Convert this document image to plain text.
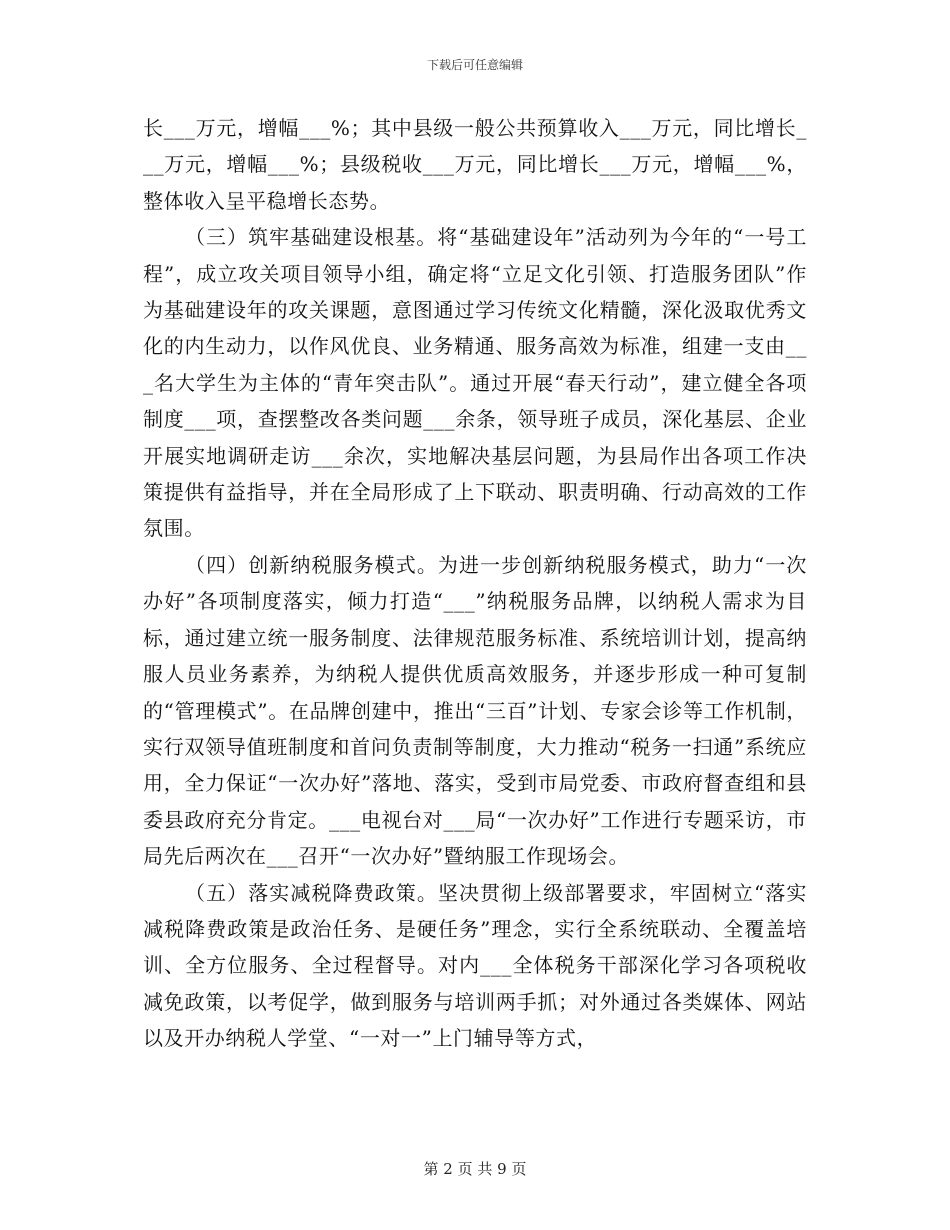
下载后可任意编辑

长___万元，增幅___%；其中县级一般公共预算收入___万元，同比增长___万元，增幅___%；县级税收___万元，同比增长___万元，增幅___%，整体收入呈平稳增长态势。

（三）筑牢基础建设根基。将“基础建设年”活动列为今年的“一号工程”，成立攻关项目领导小组，确定将“立足文化引领、打造服务团队”作为基础建设年的攻关课题，意图通过学习传统文化精髓，深化汲取优秀文化的内生动力，以作风优良、业务精通、服务高效为标准，组建一支由___名大学生为主体的“青年突击队”。通过开展“春天行动”，建立健全各项制度___项，查摆整改各类问题___余条，领导班子成员，深化基层、企业开展实地调研走访___余次，实地解决基层问题，为县局作出各项工作决策提供有益指导，并在全局形成了上下联动、职责明确、行动高效的工作氛围。

（四）创新纳税服务模式。为进一步创新纳税服务模式，助力“一次办好”各项制度落实，倾力打造“___”纳税服务品牌，以纳税人需求为目标，通过建立统一服务制度、法律规范服务标准、系统培训计划，提高纳服人员业务素养，为纳税人提供优质高效服务，并逐步形成一种可复制的“管理模式”。在品牌创建中，推出“三百”计划、专家会诊等工作机制，实行双领导值班制度和首问负责制等制度，大力推动“税务一扫通”系统应用，全力保证“一次办好”落地、落实，受到市局党委、市政府督查组和县委县政府充分肯定。___电视台对___局“一次办好”工作进行专题采访，市局先后两次在___召开“一次办好”暨纳服工作现场会。

（五）落实减税降费政策。坚决贯彻上级部署要求，牢固树立“落实减税降费政策是政治任务、是硬任务”理念，实行全系统联动、全覆盖培训、全方位服务、全过程督导。对内___全体税务干部深化学习各项税收减免政策，以考促学，做到服务与培训两手抓；对外通过各类媒体、网站以及开办纳税人学堂、“一对一”上门辅导等方式，

第 2 页 共 9 页
